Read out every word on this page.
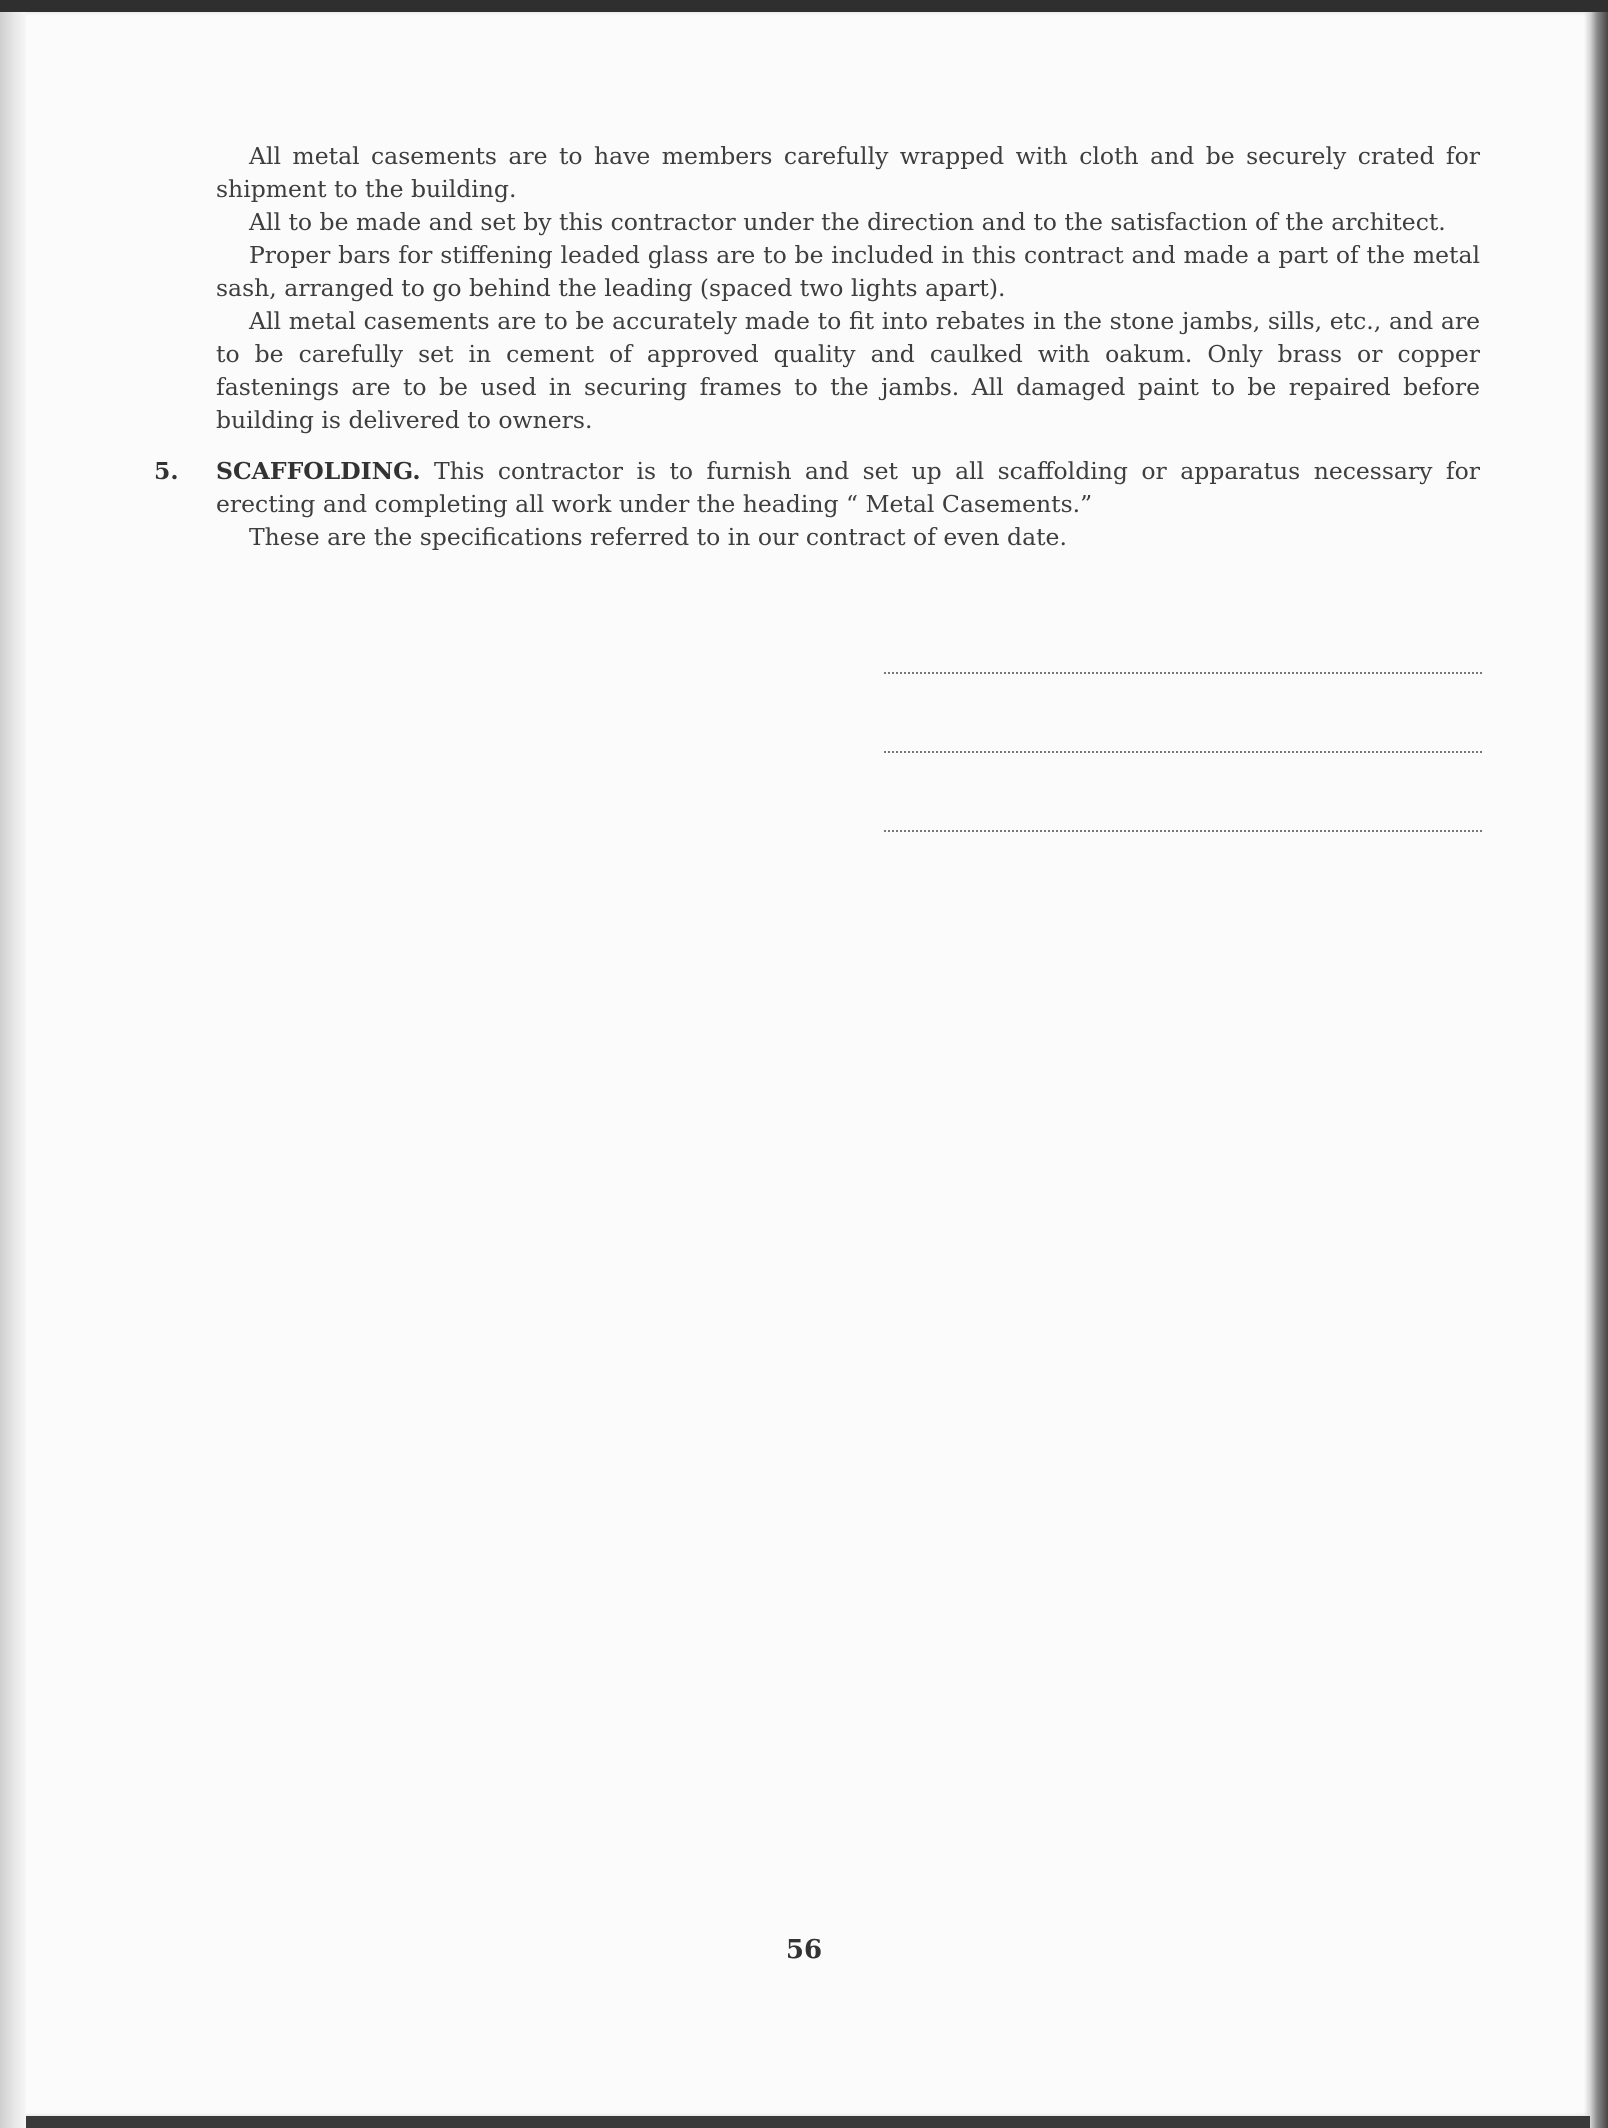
All metal casements are to have members carefully wrapped with cloth and be securely crated for shipment to the building.

All to be made and set by this contractor under the direction and to the satisfaction of the architect.

Proper bars for stiffening leaded glass are to be included in this contract and made a part of the metal sash, arranged to go behind the leading (spaced two lights apart).

All metal casements are to be accurately made to fit into rebates in the stone jambs, sills, etc., and are to be carefully set in cement of approved quality and caulked with oakum. Only brass or copper fastenings are to be used in securing frames to the jambs. All damaged paint to be repaired before building is delivered to owners.

5. SCAFFOLDING. This contractor is to furnish and set up all scaffolding or apparatus necessary for erecting and completing all work under the heading “ Metal Casements.”

These are the specifications referred to in our contract of even date.

56
